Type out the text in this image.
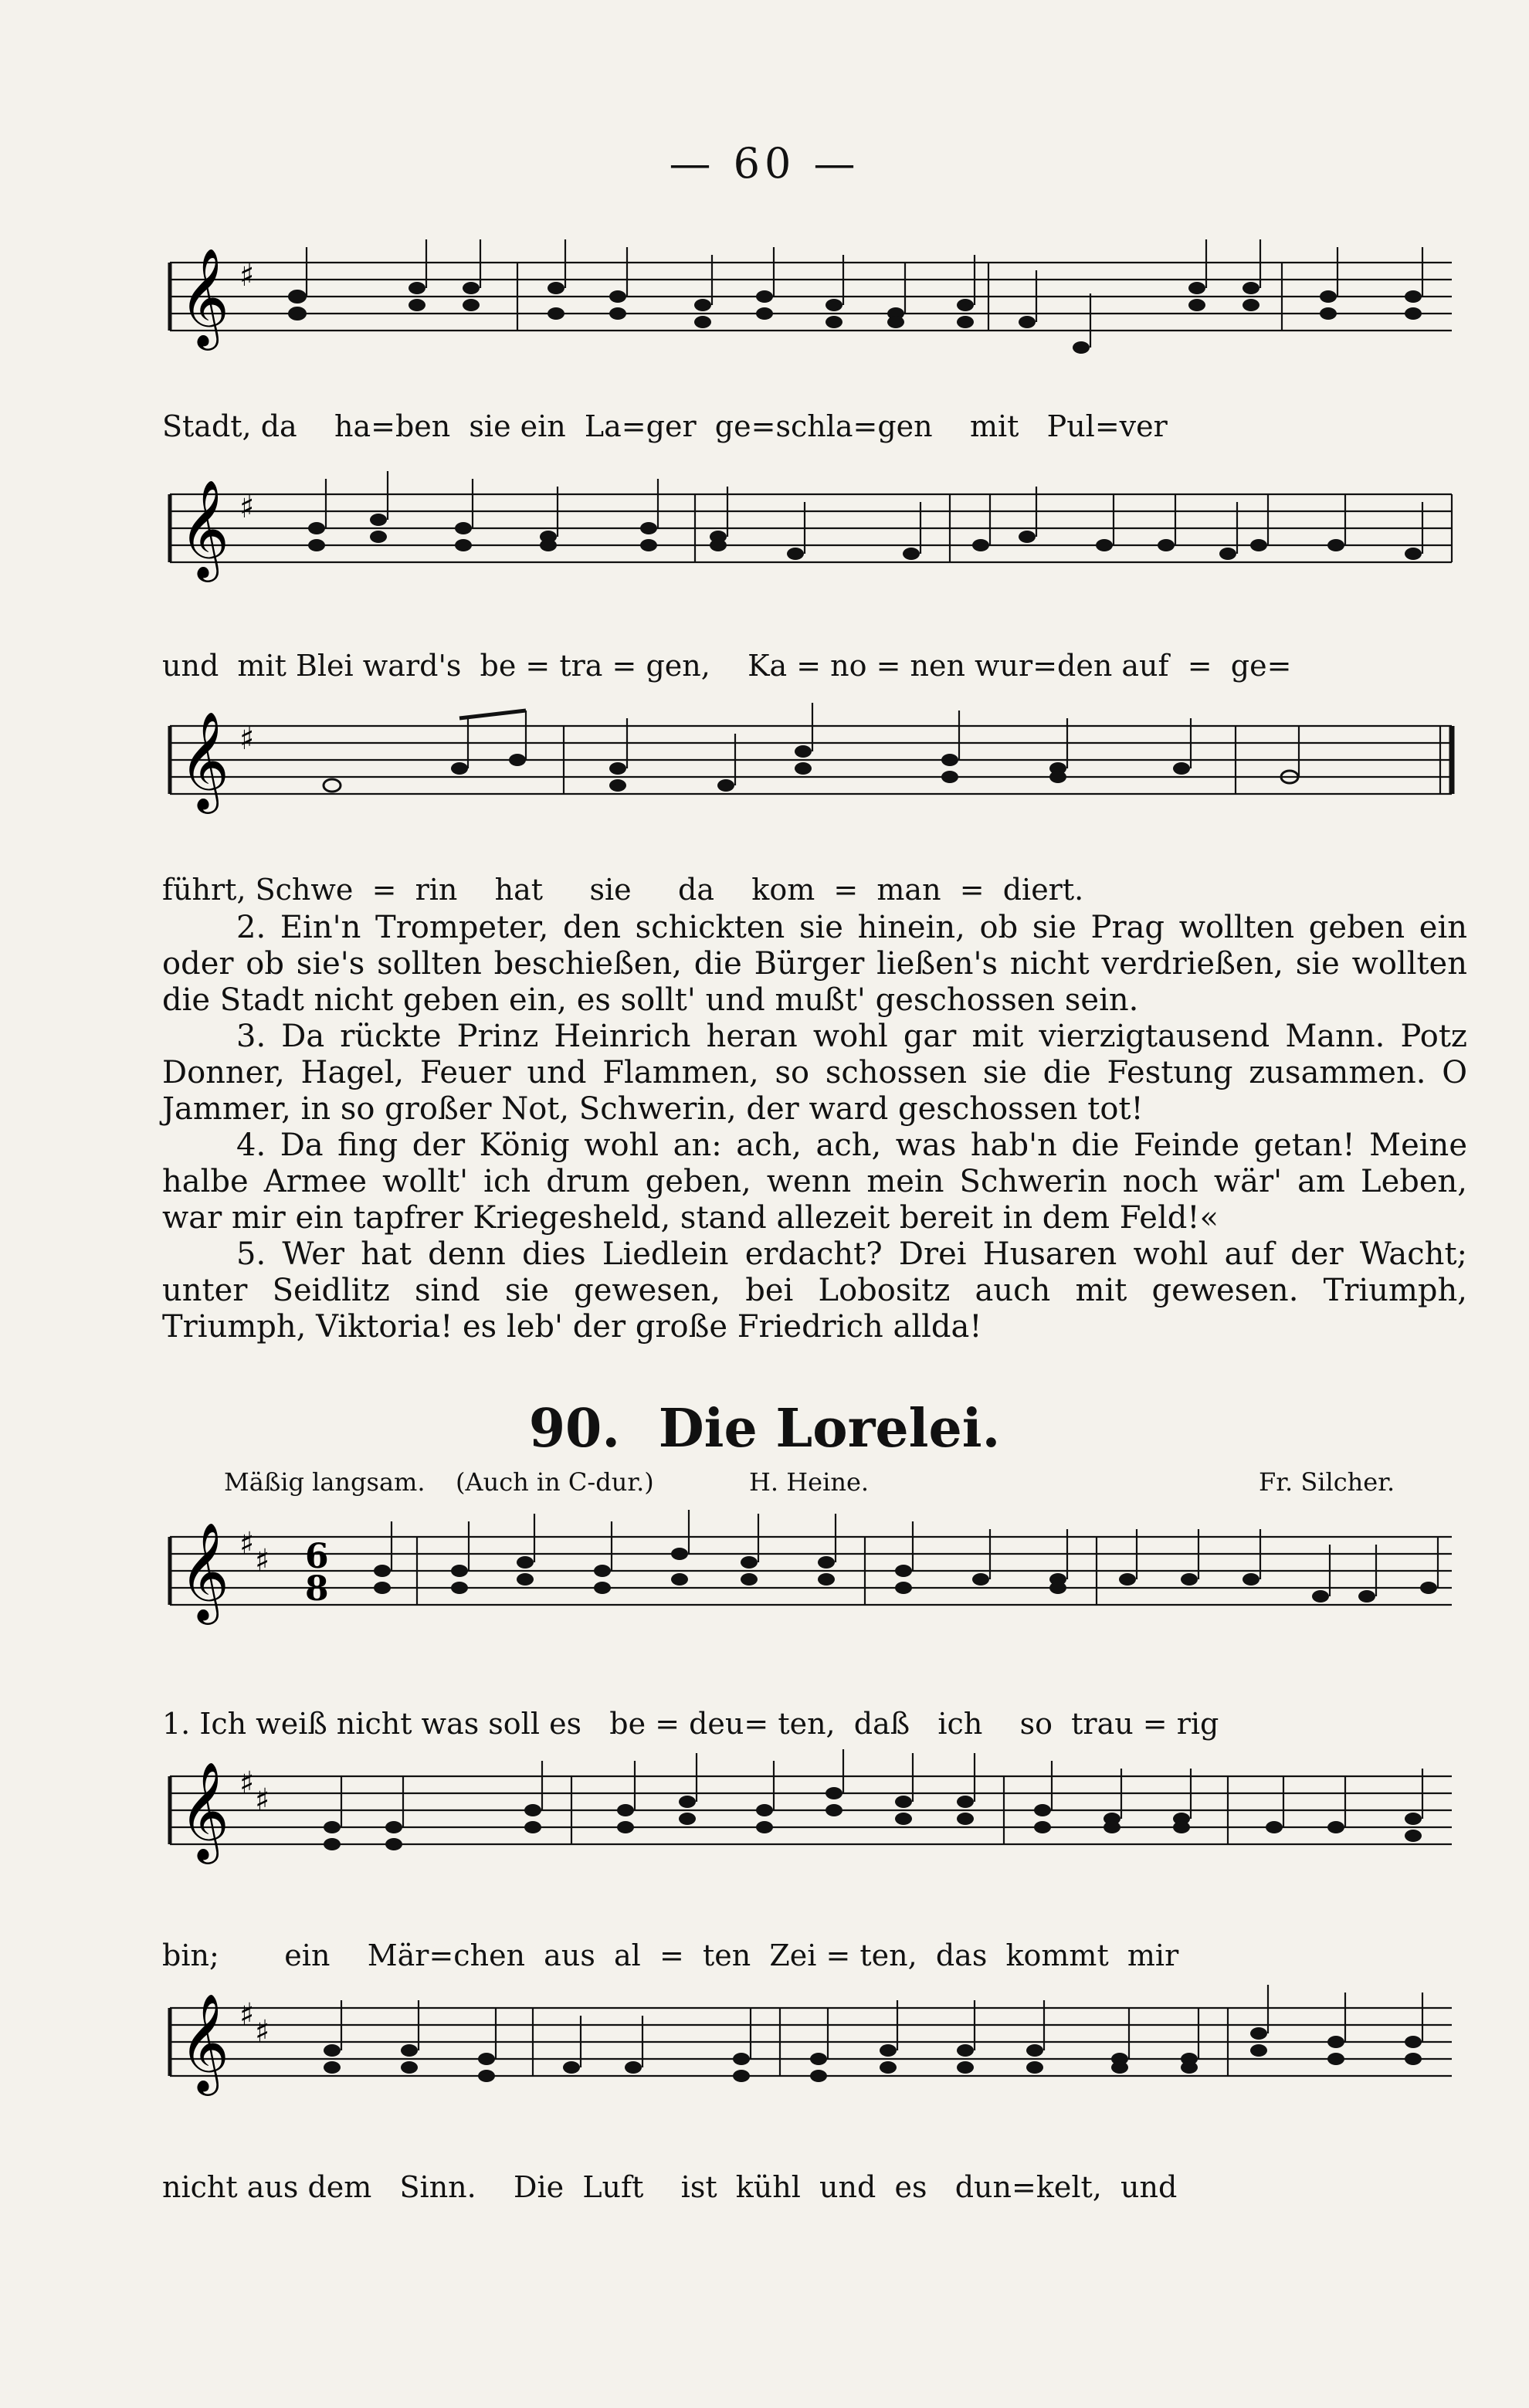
— 60 —
𝄞 ♯
Stadt, da    ha=ben  sie ein  La=ger  ge=schla=gen    mit   Pul=ver
𝄞 ♯
und  mit Blei ward's  be = tra = gen,    Ka = no = nen wur=den auf  =  ge=
𝄞 ♯
führt, Schwe  =  rin    hat     sie     da    kom  =  man  =  diert.

2. Ein'n Trompeter, den schickten sie hinein, ob sie Prag wollten geben ein oder ob sie's sollten beschießen, die Bürger ließen's nicht verdrießen, sie wollten die Stadt nicht geben ein, es sollt' und mußt' geschossen sein.

3. Da rückte Prinz Heinrich heran wohl gar mit vierzigtausend Mann. Potz Donner, Hagel, Feuer und Flammen, so schossen sie die Festung zusammen. O Jammer, in so großer Not, Schwerin, der ward geschossen tot!

4. Da fing der König wohl an: ach, ach, was hab'n die Feinde getan! Meine halbe Armee wollt' ich drum geben, wenn mein Schwerin noch wär' am Leben, war mir ein tapfrer Kriegesheld, stand allezeit bereit in dem Feld!«

5. Wer hat denn dies Liedlein erdacht? Drei Husaren wohl auf der Wacht; unter Seidlitz sind sie gewesen, bei Lobositz auch mit gewesen. Triumph, Triumph, Viktoria! es leb' der große Friedrich allda!

90. Die Lorelei.
Mäßig langsam. (Auch in C-dur.)	H. Heine.	Fr. Silcher.
𝄞 ♯ ♯ 6
8
1. Ich weiß nicht was soll es   be = deu= ten,  daß   ich    so  trau = rig
𝄞 ♯ ♯
bin;       ein    Mär=chen  aus  al  =  ten  Zei = ten,  das  kommt  mir
𝄞 ♯ ♯
nicht aus dem   Sinn.    Die  Luft    ist  kühl  und  es   dun=kelt,  und
